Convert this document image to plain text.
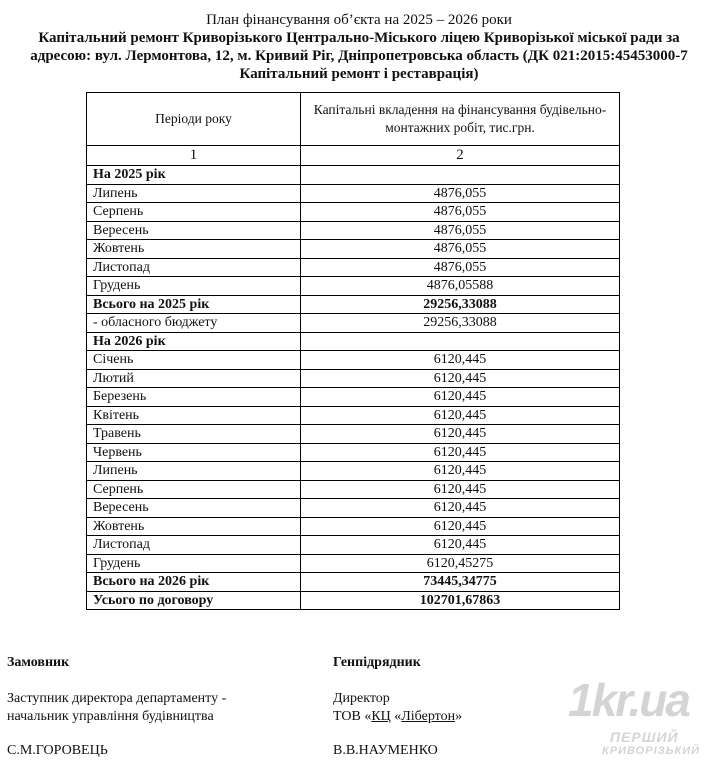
План фінансування об’єкта на 2025 – 2026 роки
Капітальний ремонт Криворізького Центрально-Міського ліцею Криворізької міської ради за
адресою: вул. Лермонтова, 12, м. Кривий Ріг, Дніпропетровська область (ДК 021:2015:45453000-7
Капітальний ремонт і реставрація)
Періоди року	Капітальні вкладення на фінансування будівельно-монтажних робіт, тис.грн.
1	2
На 2025 рік	
Липень	4876,055
Серпень	4876,055
Вересень	4876,055
Жовтень	4876,055
Листопад	4876,055
Грудень	4876,05588
Всього на 2025 рік	29256,33088
- обласного бюджету	29256,33088
На 2026 рік	
Січень	6120,445
Лютий	6120,445
Березень	6120,445
Квітень	6120,445
Травень	6120,445
Червень	6120,445
Липень	6120,445
Серпень	6120,445
Вересень	6120,445
Жовтень	6120,445
Листопад	6120,445
Грудень	6120,45275
Всього на 2026 рік	73445,34775
Усього по договору	102701,67863
Замовник
Заступник директора департаменту -
начальник управління будівництва
С.М.ГОРОВЕЦЬ
Генпідрядник
Директор
ТОВ «КЦ «Лібертон»
В.В.НАУМЕНКО
1kr.ua
ПЕРШИЙ
КРИВОРІЗЬКИЙ
